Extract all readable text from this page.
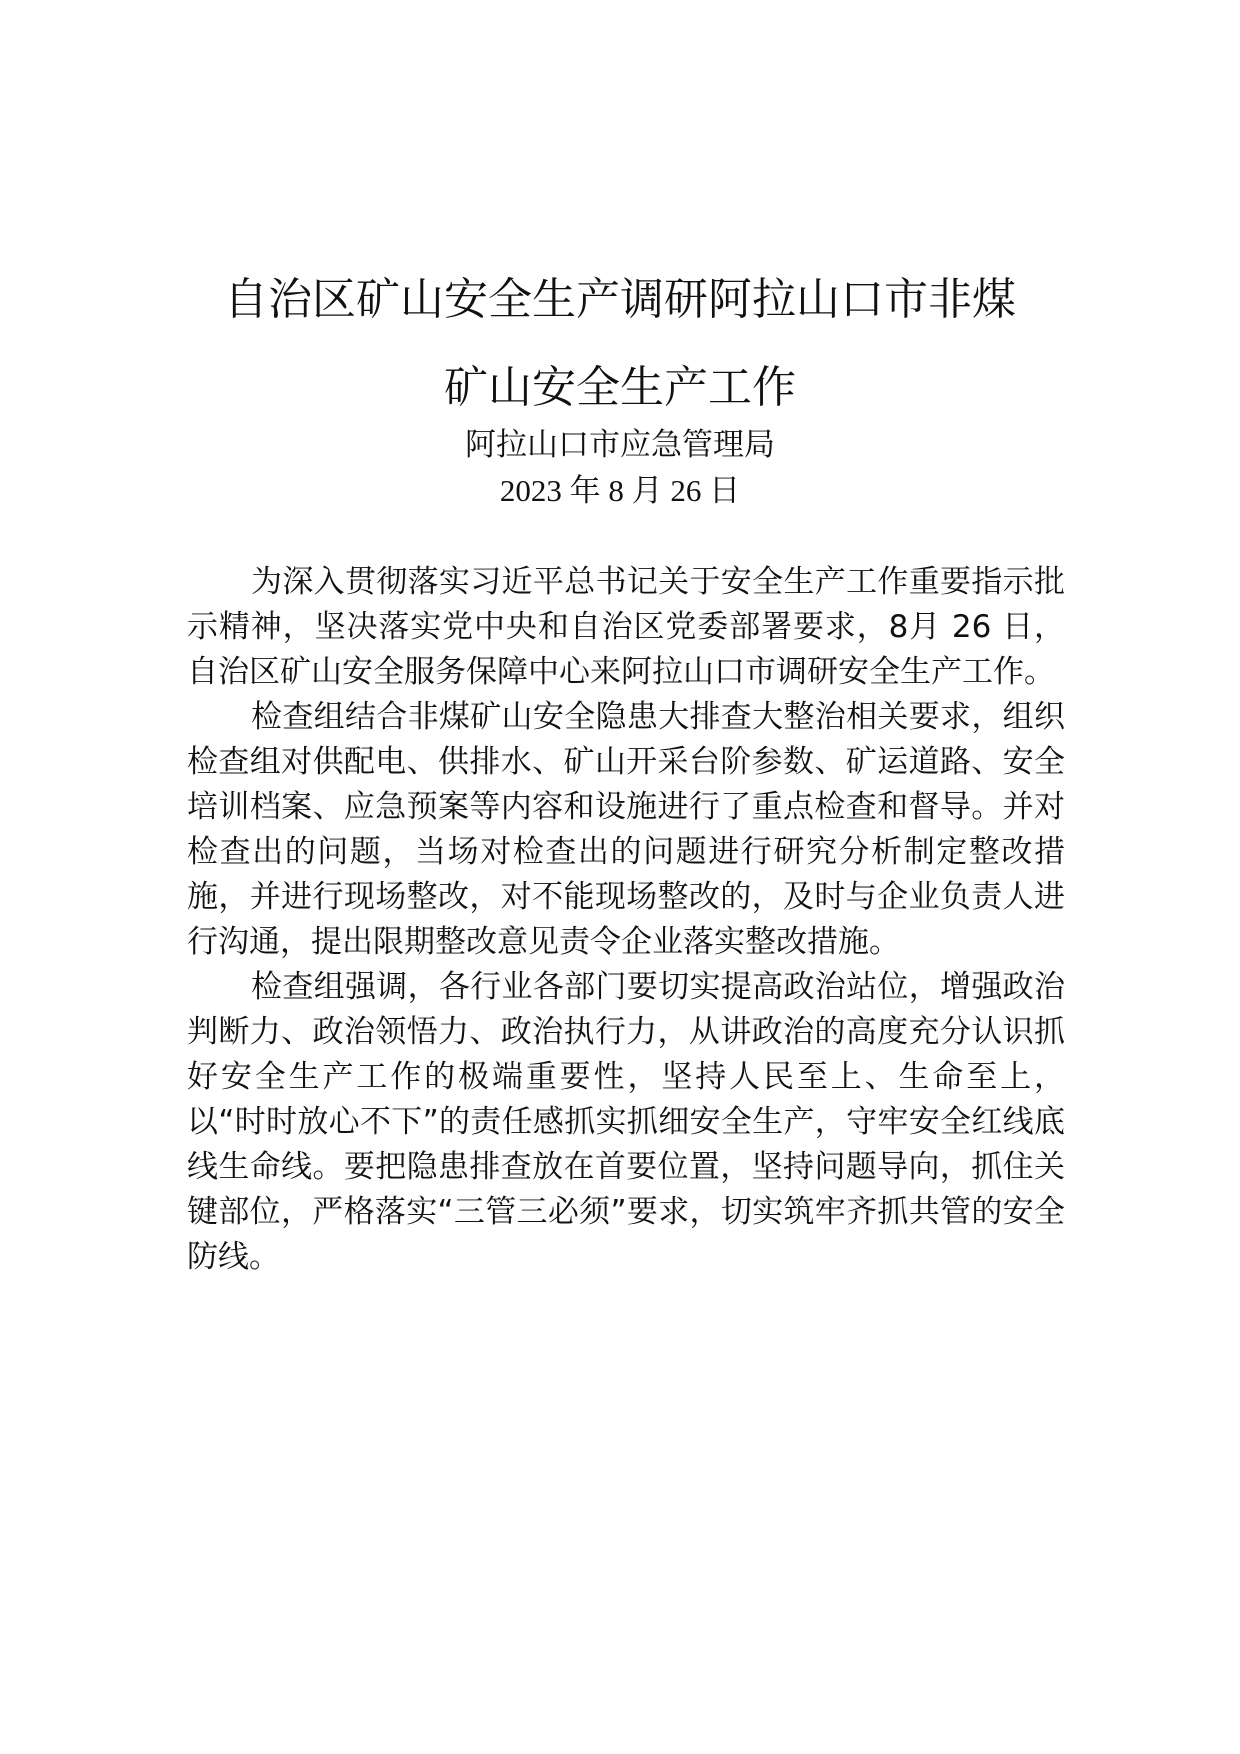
自治区矿山安全生产调研阿拉山口市非煤
矿山安全生产工作
阿拉山口市应急管理局
2023 年 8 月 26 日

为深入贯彻落实习近平总书记关于安全生产工作重要指示批示精神，坚决落实党中央和自治区党委部署要求，8月 26 日，自治区矿山安全服务保障中心来阿拉山口市调研安全生产工作。

检查组结合非煤矿山安全隐患大排查大整治相关要求，组织检查组对供配电、供排水、矿山开采台阶参数、矿运道路、安全培训档案、应急预案等内容和设施进行了重点检查和督导。并对检查出的问题，当场对检查出的问题进行研究分析制定整改措施，并进行现场整改，对不能现场整改的，及时与企业负责人进行沟通，提出限期整改意见责令企业落实整改措施。

检查组强调，各行业各部门要切实提高政治站位，增强政治判断力、政治领悟力、政治执行力，从讲政治的高度充分认识抓好安全生产工作的极端重要性，坚持人民至上、生命至上，以“时时放心不下”的责任感抓实抓细安全生产，守牢安全红线底线生命线。要把隐患排查放在首要位置，坚持问题导向，抓住关键部位，严格落实“三管三必须”要求，切实筑牢齐抓共管的安全防线。
